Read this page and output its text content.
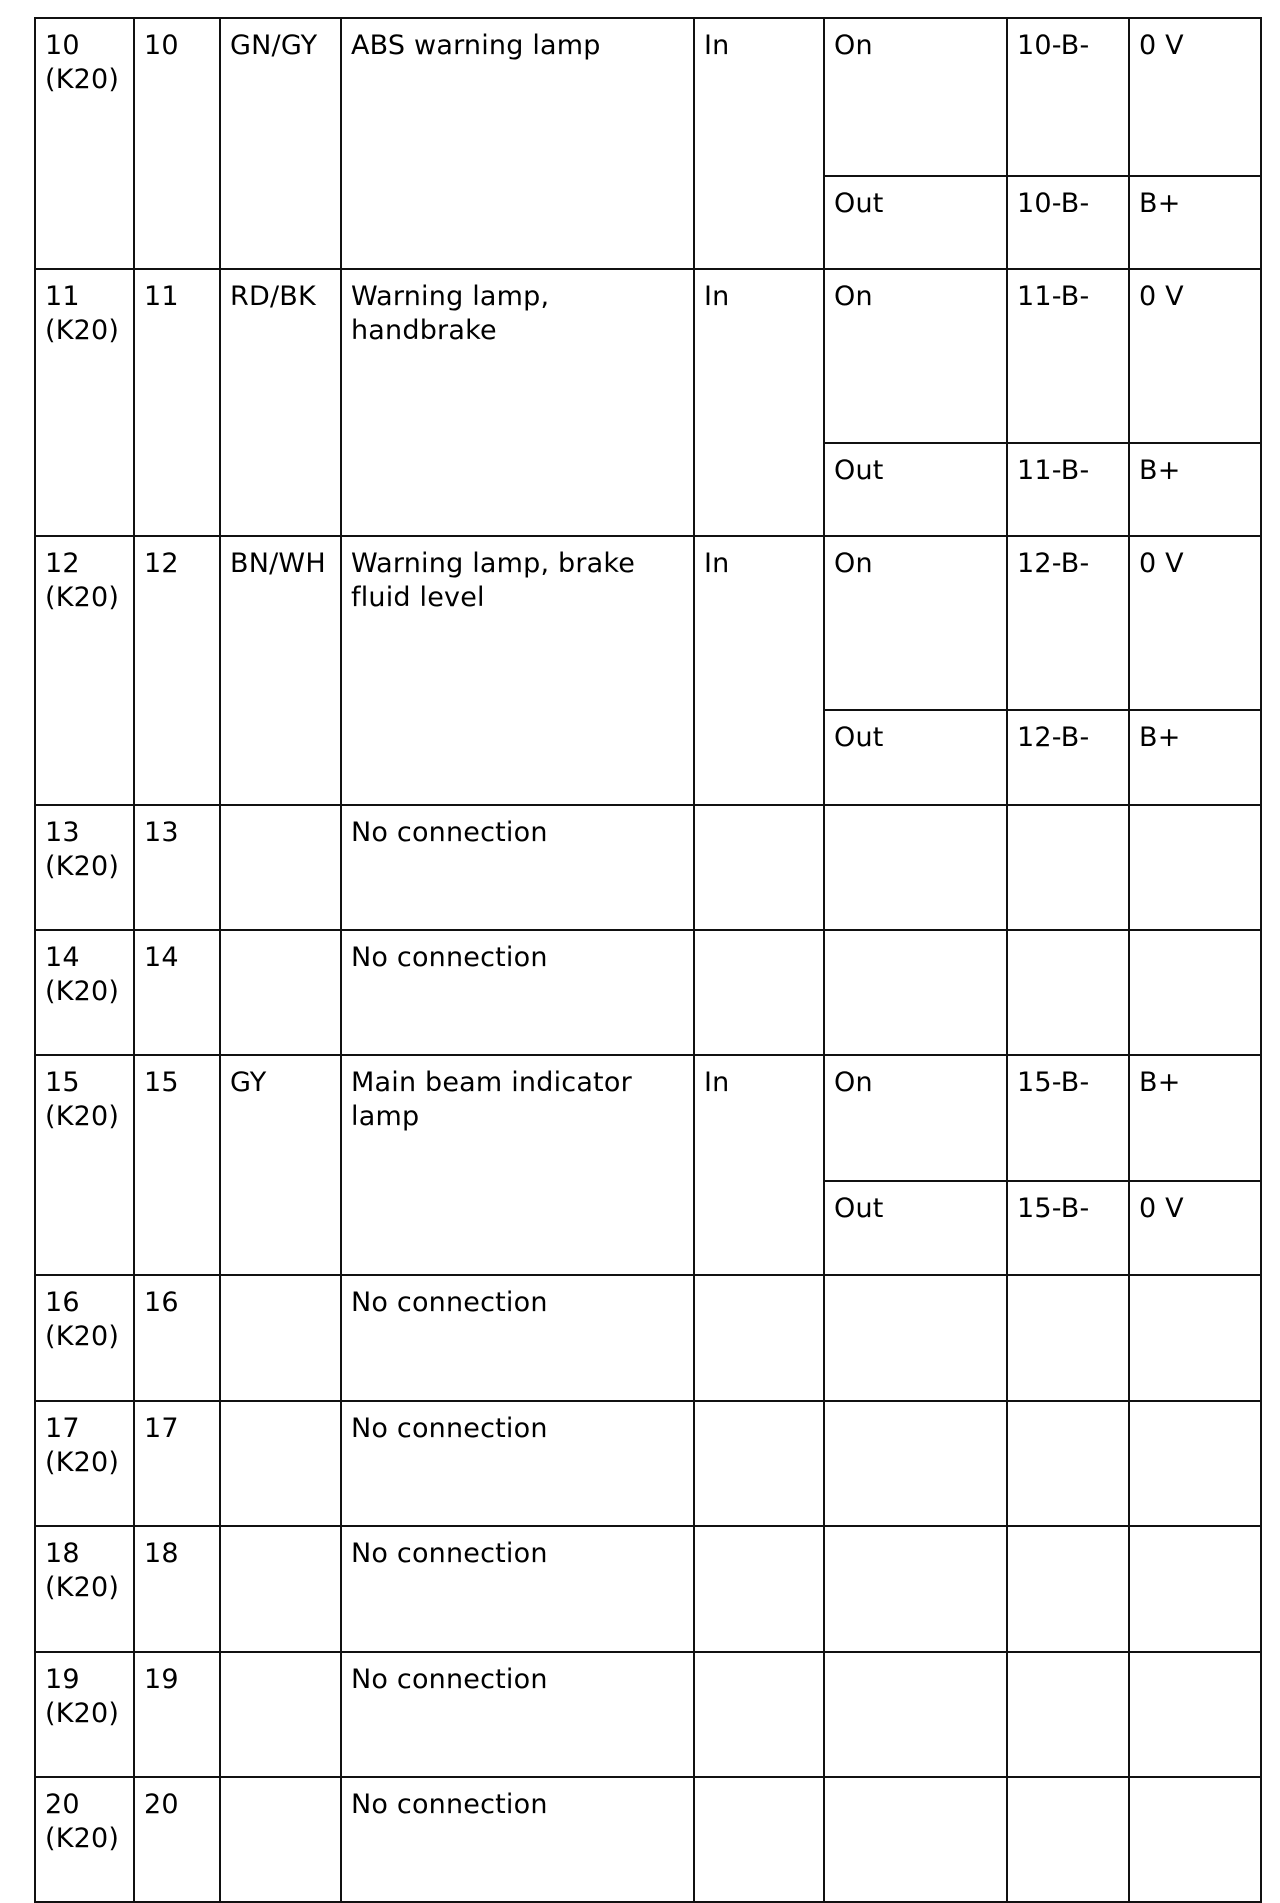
10
(K20)	10	GN/GY	ABS warning lamp	In	On	10-B-	0 V
					Out	10-B-	B+
11
(K20)	11	RD/BK	Warning lamp, handbrake	In	On	11-B-	0 V
					Out	11-B-	B+
12
(K20)	12	BN/WH	Warning lamp, brake fluid level	In	On	12-B-	0 V
					Out	12-B-	B+
13
(K20)	13		No connection				
14
(K20)	14		No connection				
15
(K20)	15	GY	Main beam indicator lamp	In	On	15-B-	B+
					Out	15-B-	0 V
16
(K20)	16		No connection				
17
(K20)	17		No connection				
18
(K20)	18		No connection				
19
(K20)	19		No connection				
20
(K20)	20		No connection				
